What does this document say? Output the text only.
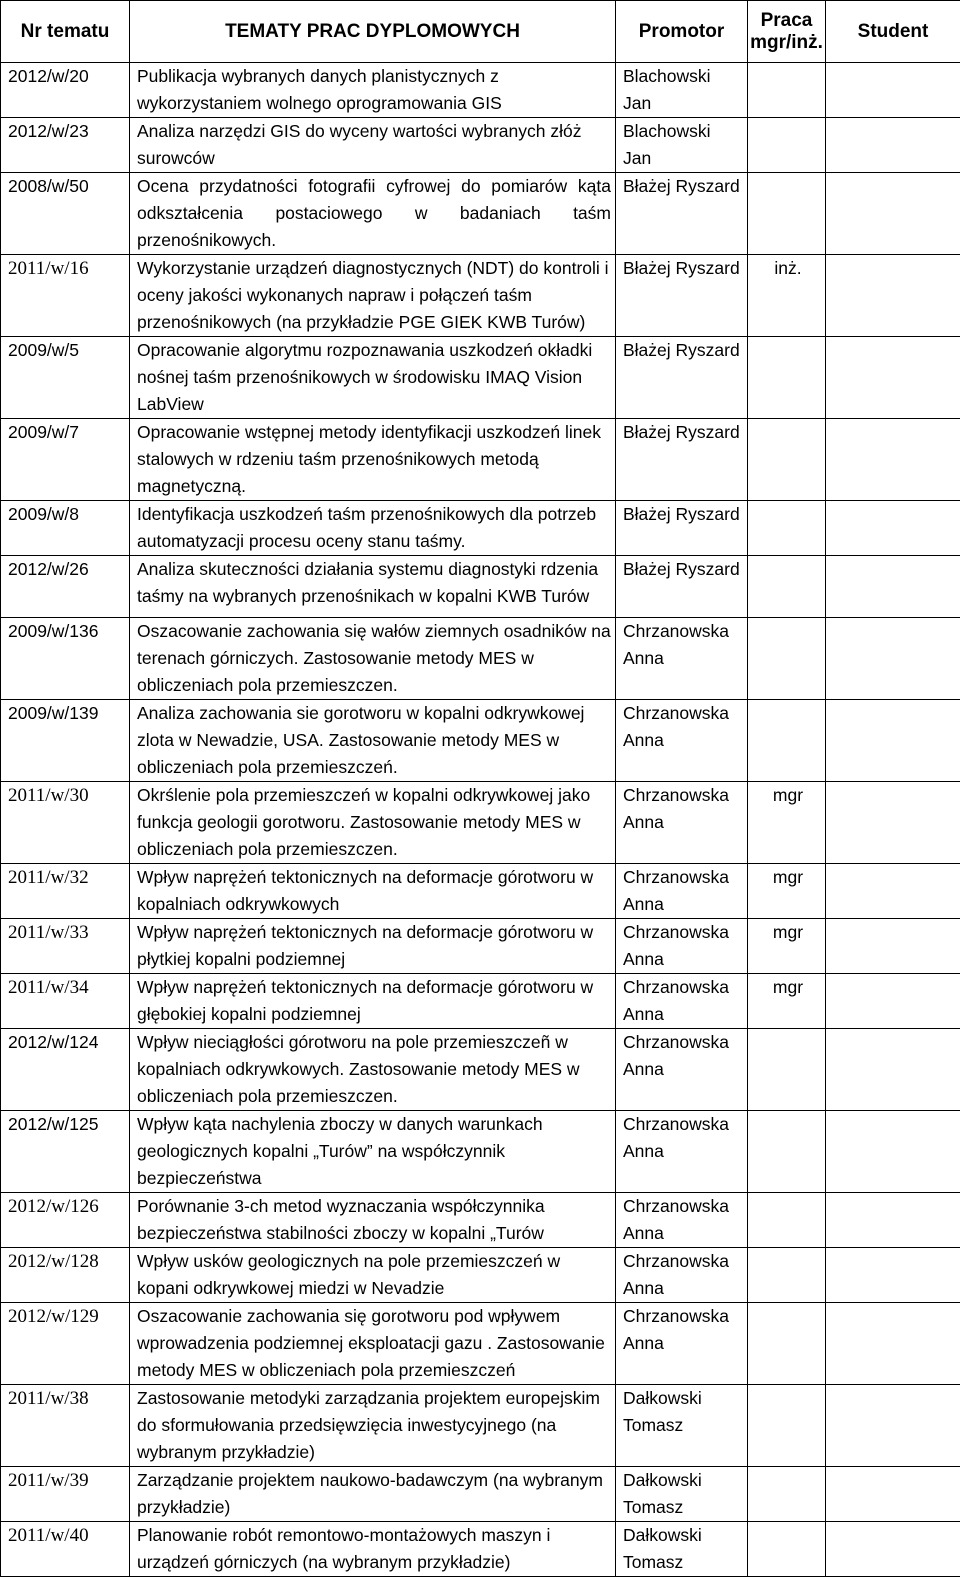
Nr tematu	TEMATY PRAC DYPLOMOWYCH	Promotor	Praca mgr/inż.	Student
2012/w/20	Publikacja wybranych danych planistycznych z wykorzystaniem wolnego oprogramowania GIS	Blachowski Jan		
2012/w/23	Analiza narzędzi GIS do wyceny wartości wybranych złóż surowców	Blachowski Jan		
2008/w/50	Ocena przydatności fotografii cyfrowej do pomiarów kąta odkształcenia postaciowego w badaniach taśm przenośnikowych.	Błażej Ryszard		
2011/w/16	Wykorzystanie urządzeń diagnostycznych (NDT) do kontroli i oceny jakości wykonanych napraw i połączeń taśm przenośnikowych (na przykładzie PGE GIEK KWB Turów)	Błażej Ryszard	inż.	
2009/w/5	Opracowanie algorytmu rozpoznawania uszkodzeń okładki nośnej taśm przenośnikowych w środowisku IMAQ Vision LabView	Błażej Ryszard		
2009/w/7	Opracowanie wstępnej metody identyfikacji uszkodzeń linek stalowych w rdzeniu taśm przenośnikowych metodą magnetyczną.	Błażej Ryszard		
2009/w/8	Identyfikacja uszkodzeń taśm przenośnikowych dla potrzeb automatyzacji procesu oceny stanu taśmy.	Błażej Ryszard		
2012/w/26	Analiza skuteczności działania systemu diagnostyki rdzenia taśmy na wybranych przenośnikach w kopalni KWB Turów	Błażej Ryszard		
2009/w/136	Oszacowanie zachowania się wałów ziemnych osadników na terenach górniczych. Zastosowanie metody MES w obliczeniach pola przemieszczen.	Chrzanowska Anna		
2009/w/139	Analiza zachowania sie gorotworu w kopalni odkrywkowej zlota w Newadzie, USA. Zastosowanie metody MES w obliczeniach pola przemieszczeń.	Chrzanowska Anna		
2011/w/30	Okrślenie pola przemieszczeń w kopalni odkrywkowej jako funkcja geologii gorotworu. Zastosowanie metody MES w obliczeniach pola przemieszczen.	Chrzanowska Anna	mgr	
2011/w/32	Wpływ naprężeń tektonicznych na deformacje górotworu w kopalniach odkrywkowych	Chrzanowska Anna	mgr	
2011/w/33	Wpływ naprężeń tektonicznych na deformacje górotworu w płytkiej kopalni podziemnej	Chrzanowska Anna	mgr	
2011/w/34	Wpływ naprężeń tektonicznych na deformacje górotworu w głębokiej kopalni podziemnej	Chrzanowska Anna	mgr	
2012/w/124	Wpływ nieciągłości górotworu na pole przemieszczeñ w kopalniach odkrywkowych. Zastosowanie metody MES w obliczeniach pola przemieszczen.	Chrzanowska Anna		
2012/w/125	Wpływ kąta nachylenia zboczy w danych warunkach geologicznych kopalni „Turów” na współczynnik bezpieczeństwa	Chrzanowska Anna		
2012/w/126	Porównanie 3-ch metod wyznaczania współczynnika bezpieczeństwa stabilności zboczy w kopalni „Turów	Chrzanowska Anna		
2012/w/128	Wpływ usków geologicznych na pole przemieszczeń w kopani odkrywkowej miedzi w Nevadzie	Chrzanowska Anna		
2012/w/129	Oszacowanie zachowania się gorotworu pod wpływem wprowadzenia podziemnej eksploatacji gazu . Zastosowanie metody MES w obliczeniach pola przemieszczeń	Chrzanowska Anna		
2011/w/38	Zastosowanie metodyki zarządzania projektem europejskim do sformułowania przedsięwzięcia inwestycyjnego (na wybranym przykładzie)	Dałkowski Tomasz		
2011/w/39	Zarządzanie projektem naukowo-badawczym (na wybranym przykładzie)	Dałkowski Tomasz		
2011/w/40	Planowanie robót remontowo-montażowych maszyn i urządzeń górniczych (na wybranym przykładzie)	Dałkowski Tomasz		
